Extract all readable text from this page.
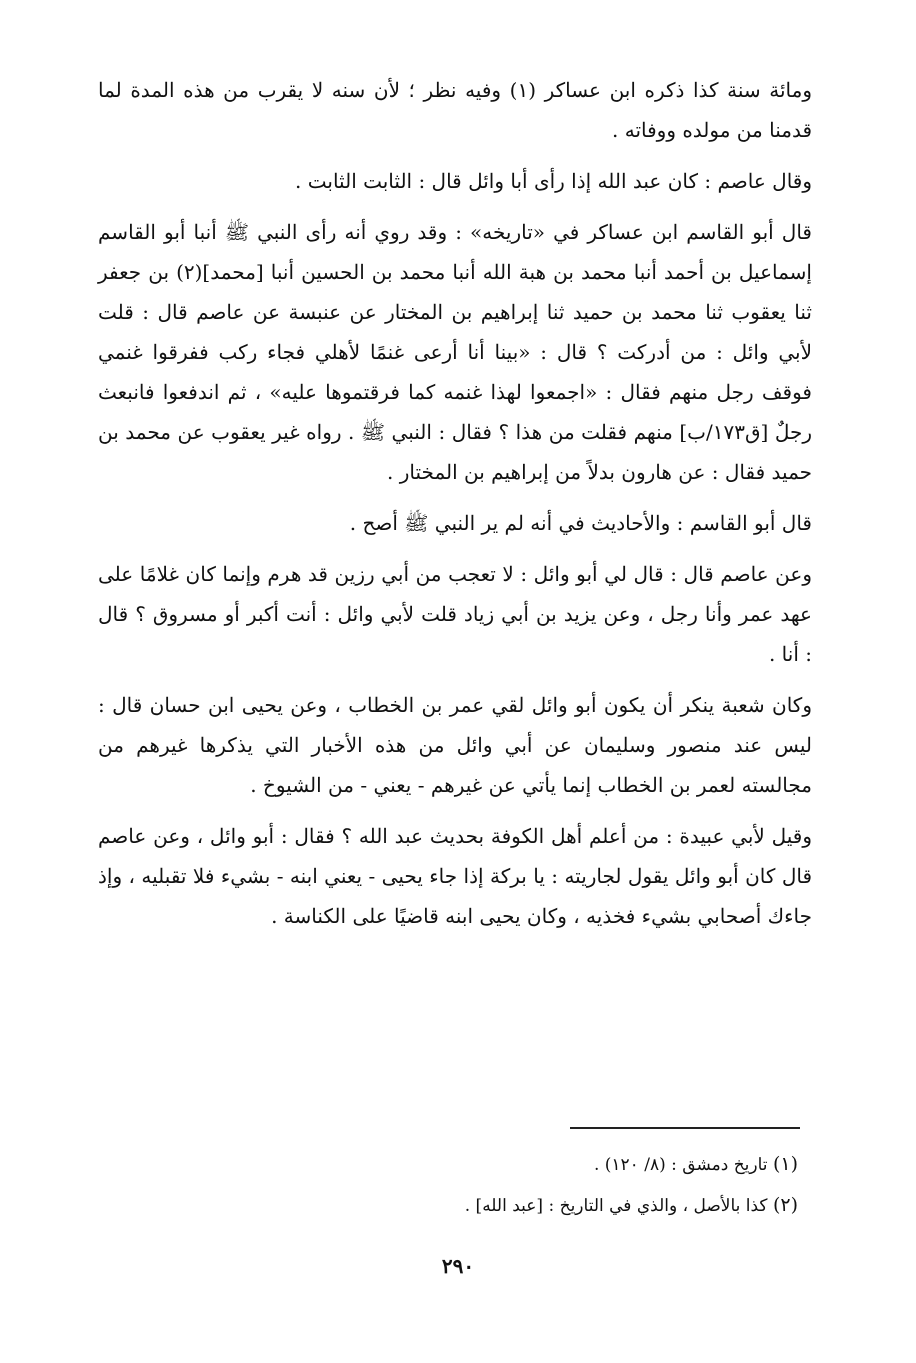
ومائة سنة كذا ذكره ابن عساكر (١) وفيه نظر ؛ لأن سنه لا يقرب من هذه المدة لما قدمنا من مولده ووفاته .

وقال عاصم : كان عبد الله إذا رأى أبا وائل قال : الثابت الثابت .

قال أبو القاسم ابن عساكر في «تاريخه» : وقد روي أنه رأى النبي ﷺ أنبا أبو القاسم إسماعيل بن أحمد أنبا محمد بن هبة الله أنبا محمد بن الحسين أنبا [محمد](٢) بن جعفر ثنا يعقوب ثنا محمد بن حميد ثنا إبراهيم بن المختار عن عنبسة عن عاصم قال : قلت لأبي وائل : من أدركت ؟ قال : «بينا أنا أرعى غنمًا لأهلي فجاء ركب ففرقوا غنمي فوقف رجل منهم فقال : «اجمعوا لهذا غنمه كما فرقتموها عليه» ، ثم اندفعوا فانبعث رجلٌ [ق١٧٣/ب] منهم فقلت من هذا ؟ فقال : النبي ﷺ . رواه غير يعقوب عن محمد بن حميد فقال : عن هارون بدلاً من إبراهيم بن المختار .

قال أبو القاسم : والأحاديث في أنه لم ير النبي ﷺ أصح .

وعن عاصم قال : قال لي أبو وائل : لا تعجب من أبي رزين قد هرم وإنما كان غلامًا على عهد عمر وأنا رجل ، وعن يزيد بن أبي زياد قلت لأبي وائل : أنت أكبر أو مسروق ؟ قال : أنا .

وكان شعبة ينكر أن يكون أبو وائل لقي عمر بن الخطاب ، وعن يحيى ابن حسان قال : ليس عند منصور وسليمان عن أبي وائل من هذه الأخبار التي يذكرها غيرهم من مجالسته لعمر بن الخطاب إنما يأتي عن غيرهم - يعني - من الشيوخ .

وقيل لأبي عبيدة : من أعلم أهل الكوفة بحديث عبد الله ؟ فقال : أبو وائل ، وعن عاصم قال كان أبو وائل يقول لجاريته : يا بركة إذا جاء يحيى - يعني ابنه - بشيء فلا تقبليه ، وإذ جاءك أصحابي بشيء فخذيه ، وكان يحيى ابنه قاضيًا على الكناسة .

(١) تاريخ دمشق : (٨/ ١٢٠) .

(٢) كذا بالأصل ، والذي في التاريخ : [عبد الله] .

٢٩٠
